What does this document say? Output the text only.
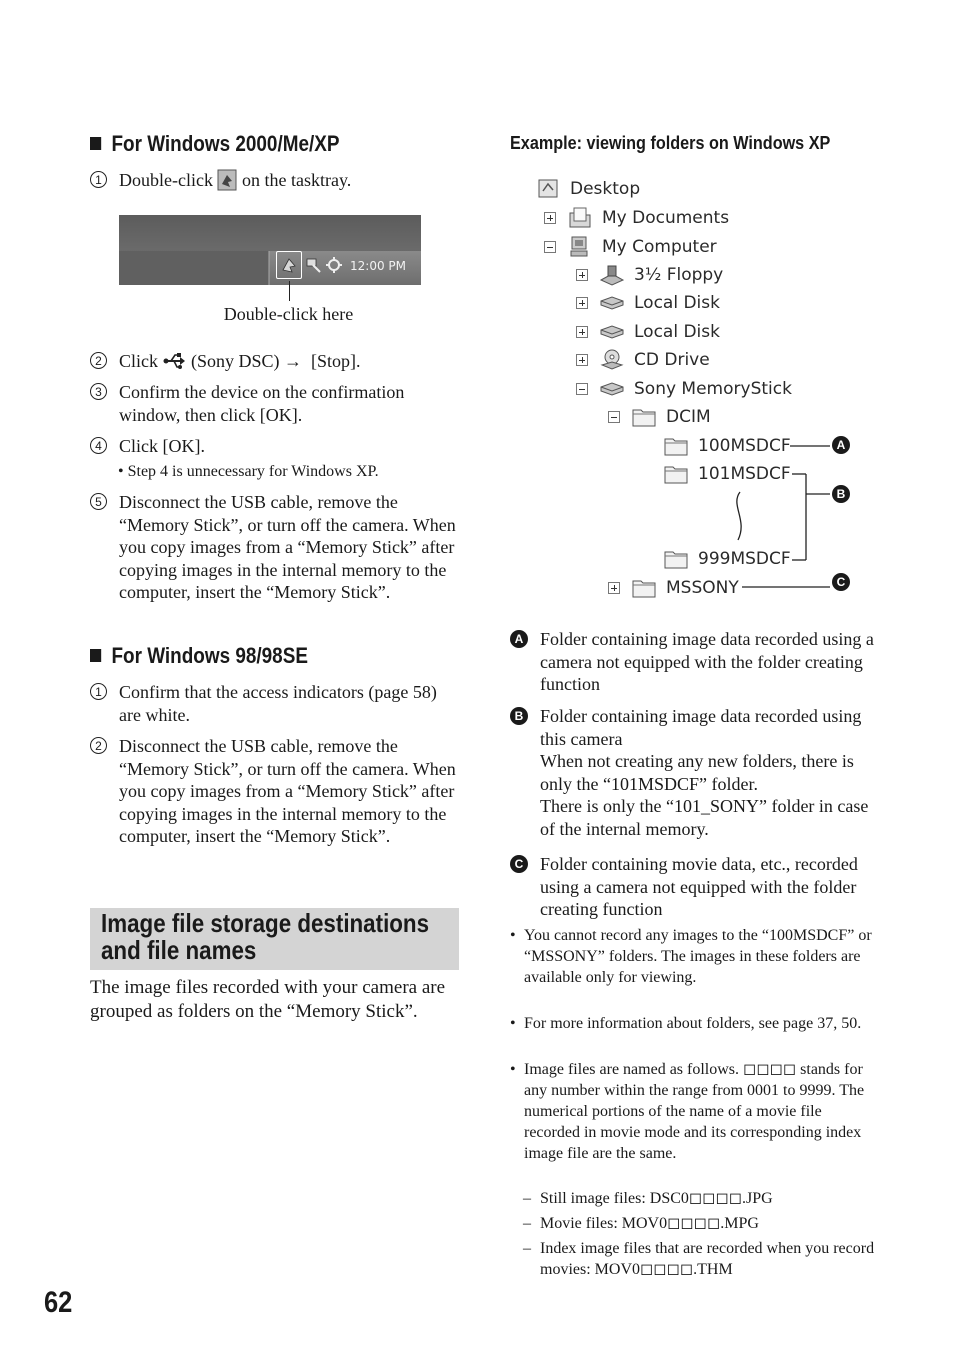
For Windows 2000/Me/XP
1 Double-click on the tasktray.
12:00 PM
Double-click here
2 Click (Sony DSC) →  [Stop].
3 Confirm the device on the confirmation window, then click [OK].
4 Click [OK].
• Step 4 is unnecessary for Windows XP.
5 Disconnect the USB cable, remove the “Memory Stick”, or turn off the camera. When you copy images from a “Memory Stick” after copying images in the internal memory to the computer, insert the “Memory Stick”.
For Windows 98/98SE
1 Confirm that the access indicators (page 58) are white.
2 Disconnect the USB cable, remove the “Memory Stick”, or turn off the camera. When you copy images from a “Memory Stick” after copying images in the internal memory to the computer, insert the “Memory Stick”.
Image file storage destinations
and file names
The image files recorded with your camera are grouped as folders on the “Memory Stick”.
Example: viewing folders on Windows XP
Desktop
My Documents
My Computer
3½ Floppy
Local Disk
Local Disk
CD Drive
Sony MemoryStick
DCIM
100MSDCF
101MSDCF
999MSDCF
MSSONY
A
B
C
A Folder containing image data recorded using a camera not equipped with the folder creating function
B Folder containing image data recorded using this camera
When not creating any new folders, there is only the “101MSDCF” folder.
There is only the “101_SONY” folder in case of the internal memory.
C Folder containing movie data, etc., recorded using a camera not equipped with the folder creating function
• You cannot record any images to the “100MSDCF” or “MSSONY” folders. The images in these folders are available only for viewing.
• For more information about folders, see page 37, 50.
• Image files are named as follows. ◻◻◻◻ stands for any number within the range from 0001 to 9999. The numerical portions of the name of a movie file recorded in movie mode and its corresponding index image file are the same.
– Still image files: DSC0◻◻◻◻.JPG
– Movie files: MOV0◻◻◻◻.MPG
– Index image files that are recorded when you record movies: MOV0◻◻◻◻.THM
62
